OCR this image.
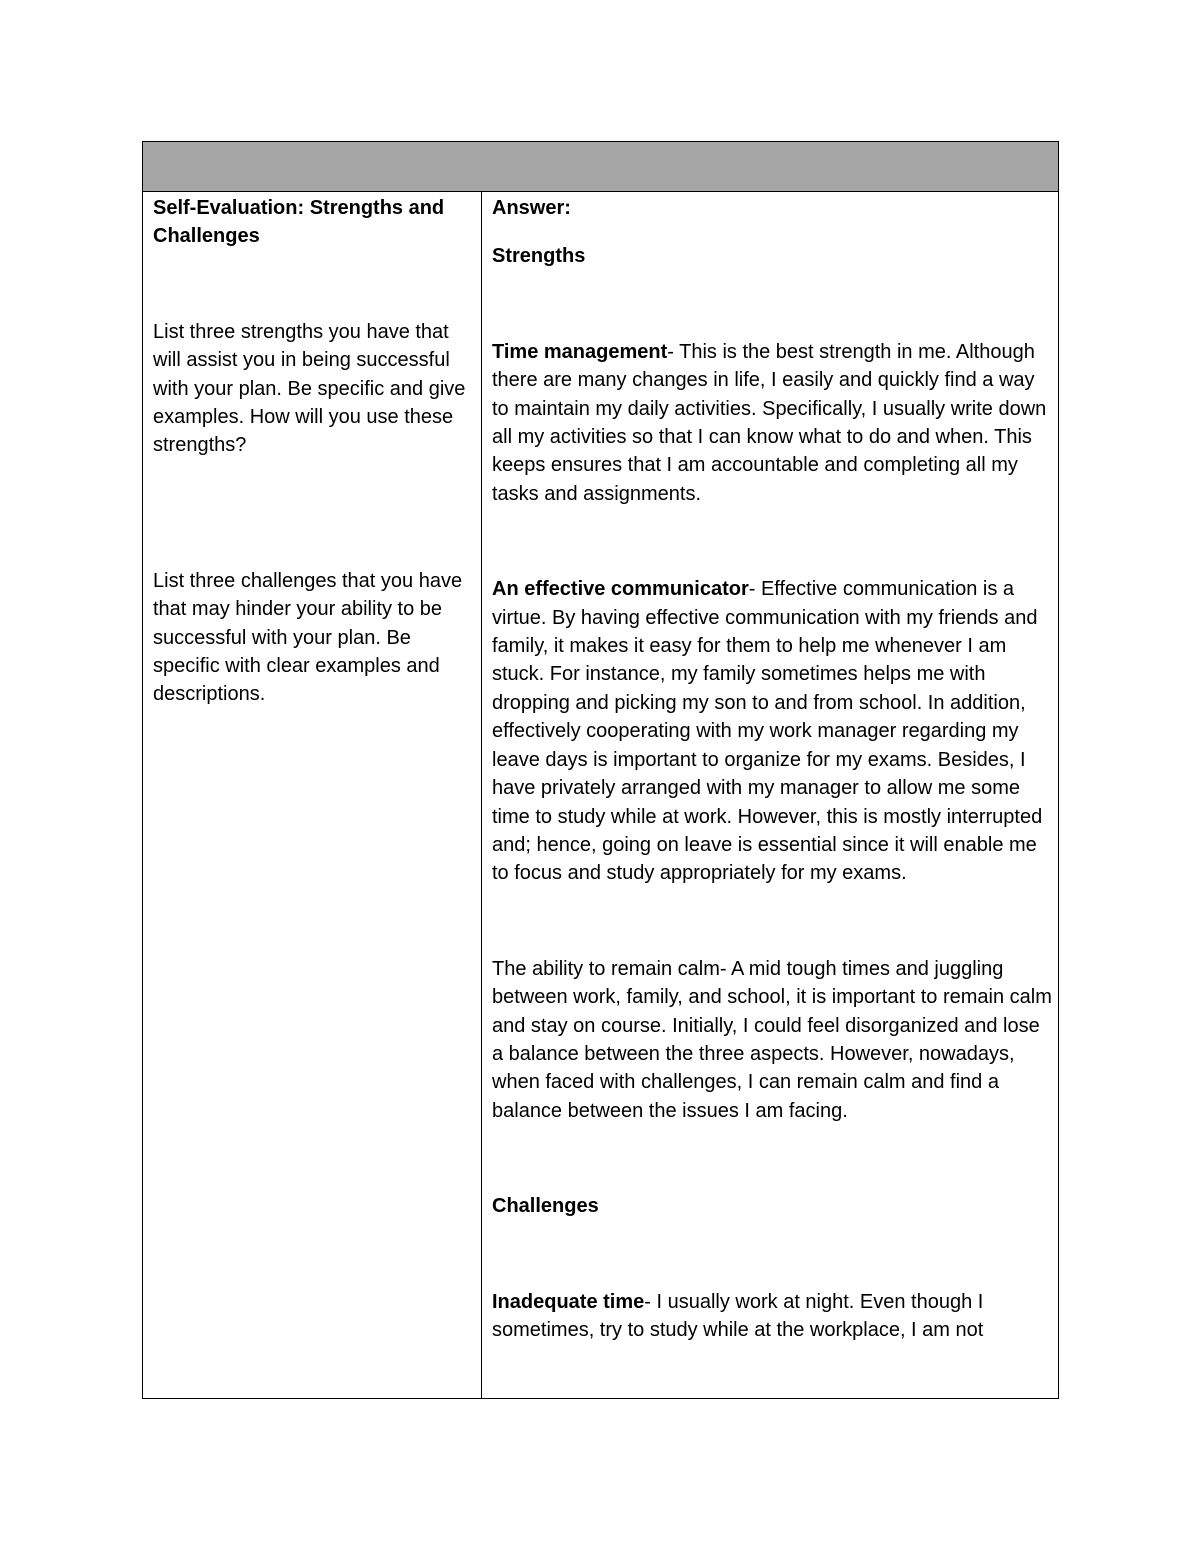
Self-Evaluation: Strengths and Challenges

List three strengths you have that will assist you in being successful with your plan. Be specific and give examples. How will you use these strengths?

List three challenges that you have that may hinder your ability to be successful with your plan. Be specific with clear examples and descriptions.

Answer:

Strengths

Time management- This is the best strength in me. Although there are many changes in life, I easily and quickly find a way to maintain my daily activities. Specifically, I usually write down all my activities so that I can know what to do and when. This keeps ensures that I am accountable and completing all my tasks and assignments.

An effective communicator- Effective communication is a virtue. By having effective communication with my friends and family, it makes it easy for them to help me whenever I am stuck. For instance, my family sometimes helps me with dropping and picking my son to and from school. In addition, effectively cooperating with my work manager regarding my leave days is important to organize for my exams. Besides, I have privately arranged with my manager to allow me some time to study while at work. However, this is mostly interrupted and; hence, going on leave is essential since it will enable me to focus and study appropriately for my exams.

The ability to remain calm- A mid tough times and juggling between work, family, and school, it is important to remain calm and stay on course. Initially, I could feel disorganized and lose a balance between the three aspects. However, nowadays, when faced with challenges, I can remain calm and find a balance between the issues I am facing.

Challenges

Inadequate time- I usually work at night. Even though I sometimes, try to study while at the workplace, I am not
